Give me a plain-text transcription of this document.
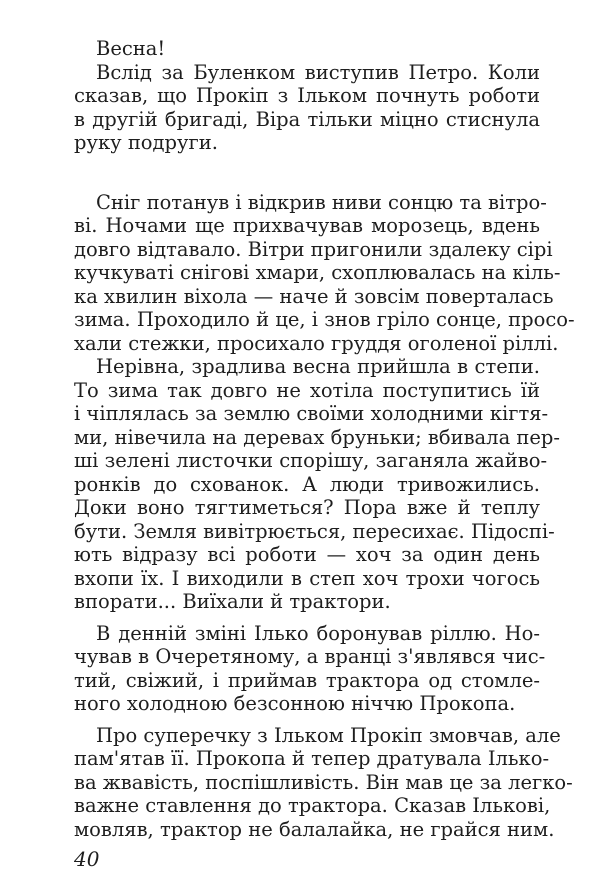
Весна!
Вслід за Буленком виступив Петро. Коли
сказав, що Прокіп з Ільком почнуть роботи
в другій бригаді, Віра тільки міцно стиснула
руку подруги.
Сніг потанув і відкрив ниви сонцю та вітро-
ві. Ночами ще прихвачував морозець, вдень
довго відтавало. Вітри пригонили здалеку сірі
кучкуваті снігові хмари, схоплювалась на кіль-
ка хвилин віхола — наче й зовсім поверталась
зима. Проходило й це, і знов гріло сонце, просо-
хали стежки, просихало груддя оголеної ріллі.
Нерівна, зрадлива весна прийшла в степи.
То зима так довго не хотіла поступитись їй
і чіплялась за землю своїми холодними кігтя-
ми, нівечила на деревах бруньки; вбивала пер-
ші зелені листочки спорішу, заганяла жайво-
ронків до схованок. А люди тривожились.
Доки воно тягтиметься? Пора вже й теплу
бути. Земля вивітрюється, пересихає. Підоспі-
ють відразу всі роботи — хоч за один день
вхопи їх. І виходили в степ хоч трохи чогось
впорати... Виїхали й трактори.
В денній зміні Ілько боронував ріллю. Но-
чував в Очеретяному, а вранці з'являвся чис-
тий, свіжий, і приймав трактора од стомле-
ного холодною безсонною ніччю Прокопа.
Про суперечку з Ільком Прокіп змовчав, але
пам'ятав її. Прокопа й тепер дратувала Ілько-
ва жвавість, поспішливість. Він мав це за легко-
важне ставлення до трактора. Сказав Ількові,
мовляв, трактор не балалайка, не грайся ним.
40
